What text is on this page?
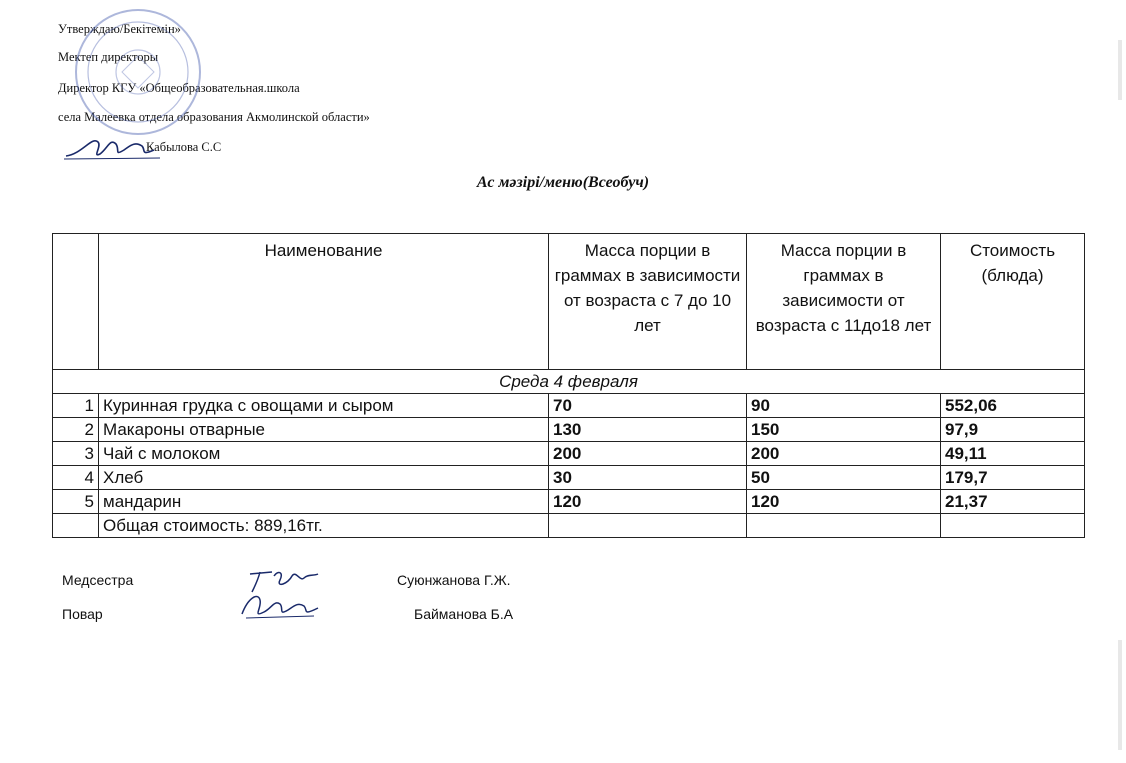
Утверждаю/Бекітемін»
Мектеп директоры
Директор КГУ «Общеобразовательная.школа
села Малеевка отдела образования Акмолинской области»
Кабылова С.С
Ас мәзірі/меню(Всеобуч)
	Наименование	Масса порции в граммах в зависимости от возраста с 7 до 10 лет	Масса порции в граммах в зависимости от возраста с 11до18 лет	Стоимость (блюда)
Среда 4 февраля				
1	Куринная грудка с овощами и сыром	70	90	552,06
2	Макароны отварные	130	150	97,9
3	Чай с молоком	200	200	49,11
4	Хлеб	30	50	179,7
5	мандарин	120	120	21,37
	Общая стоимость: 889,16тг.			
Медсестра	Суюнжанова Г.Ж.
Повар	Байманова Б.А
